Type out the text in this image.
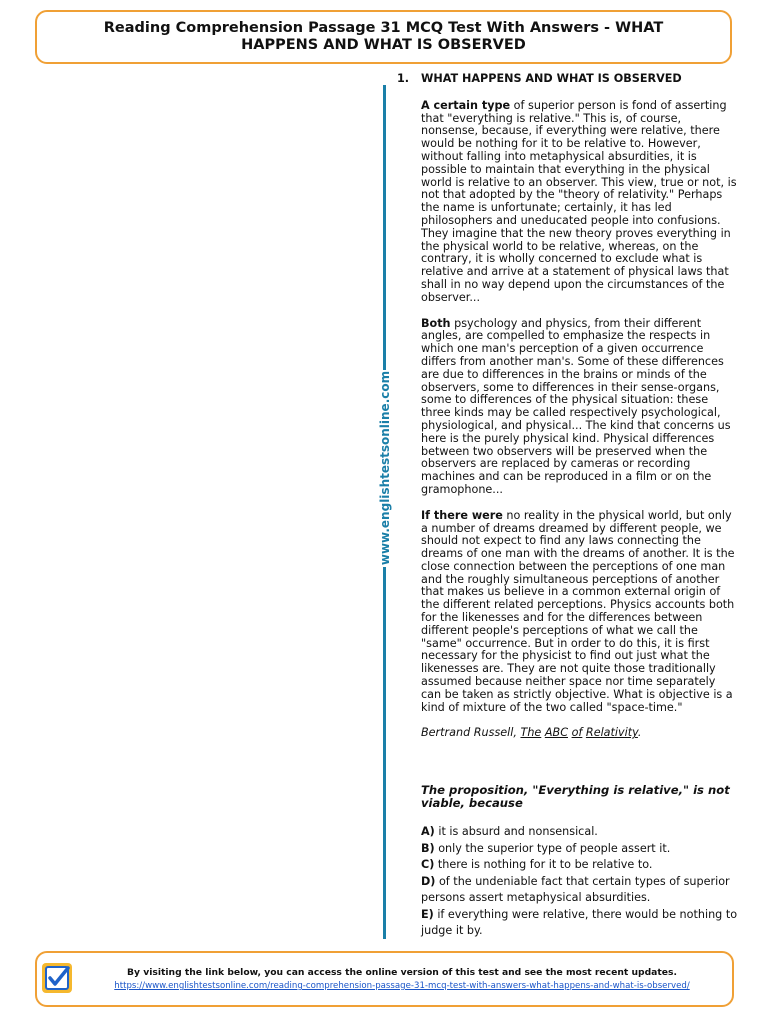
Reading Comprehension Passage 31 MCQ Test With Answers - WHAT HAPPENS AND WHAT IS OBSERVED
www.englishtestsonline.com
1.	WHAT HAPPENS AND WHAT IS OBSERVED

A certain type of superior person is fond of asserting that "everything is relative." This is, of course, nonsense, because, if everything were relative, there would be nothing for it to be relative to. However, without falling into metaphysical absurdities, it is possible to maintain that everything in the physical world is relative to an observer. This view, true or not, is not that adopted by the "theory of relativity." Perhaps the name is unfortunate; certainly, it has led philosophers and uneducated people into confusions. They imagine that the new theory proves everything in the physical world to be relative, whereas, on the contrary, it is wholly concerned to exclude what is relative and arrive at a statement of physical laws that shall in no way depend upon the circumstances of the observer...

Both psychology and physics, from their different angles, are compelled to emphasize the respects in which one man's perception of a given occurrence differs from another man's. Some of these differences are due to differences in the brains or minds of the observers, some to differences in their sense-organs, some to differences of the physical situation: these three kinds may be called respectively psychological, physiological, and physical... The kind that concerns us here is the purely physical kind. Physical differences between two observers will be preserved when the observers are replaced by cameras or recording machines and can be reproduced in a film or on the gramophone...

If there were no reality in the physical world, but only a number of dreams dreamed by different people, we should not expect to find any laws connecting the dreams of one man with the dreams of another. It is the close connection between the perceptions of one man and the roughly simultaneous perceptions of another that makes us believe in a common external origin of the different related perceptions. Physics accounts both for the likenesses and for the differences between different people's perceptions of what we call the "same" occurrence. But in order to do this, it is first necessary for the physicist to find out just what the likenesses are. They are not quite those traditionally assumed because neither space nor time separately can be taken as strictly objective. What is objective is a kind of mixture of the two called "space-time."

Bertrand Russell, The ABC of Relativity.

The proposition, "Everything is relative," is not viable, because

A) it is absurd and nonsensical.
B) only the superior type of people assert it.
C) there is nothing for it to be relative to.
D) of the undeniable fact that certain types of superior persons assert metaphysical absurdities.
E) if everything were relative, there would be nothing to judge it by.
By visiting the link below, you can access the online version of this test and see the most recent updates.
https://www.englishtestsonline.com/reading-comprehension-passage-31-mcq-test-with-answers-what-happens-and-what-is-observed/
